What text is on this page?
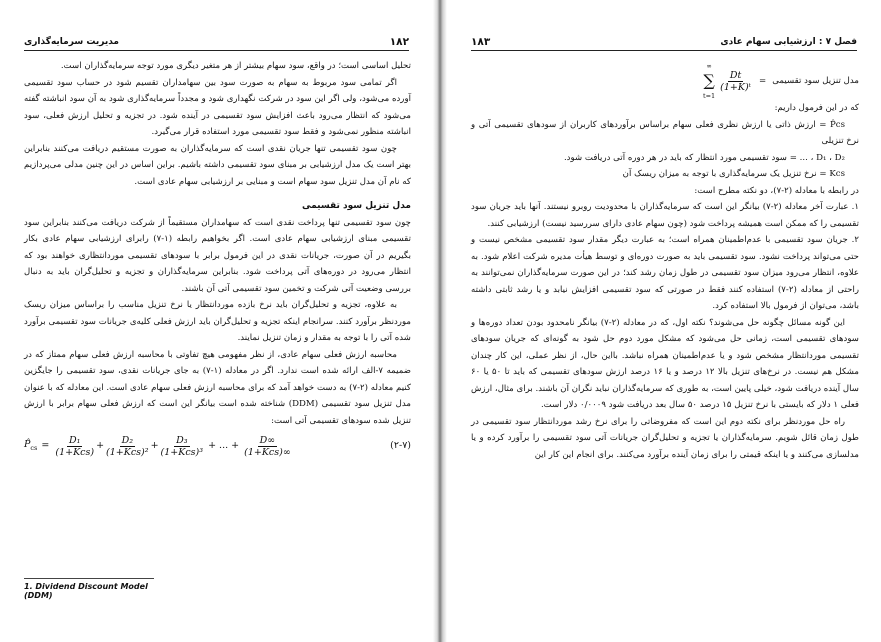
۱۸۲
مدیریت سرمایه‌گذاری

تحلیل اساسی است؛ در واقع، سود سهام بیشتر از هر متغیر دیگری مورد توجه سرمایه‌گذاران است.

اگر تمامی سود مربوط به سهام به صورت سود بین سهامداران تقسیم شود در حساب سود تقسیمی آورده می‌شود، ولی اگر این سود در شرکت نگهداری شود و مجدداً سرمایه‌گذاری شود به آن سود انباشته گفته می‌شود که انتظار می‌رود باعث افزایش سود تقسیمی در آینده شود. در تجزیه و تحلیل ارزش فعلی، سود انباشته منظور نمی‌شود و فقط سود تقسیمی مورد استفاده قرار می‌گیرد.

چون سود تقسیمی تنها جریان نقدی است که سرمایه‌گذاران به صورت مستقیم دریافت می‌کنند بنابراین بهتر است یک مدل ارزشیابی بر مبنای سود تقسیمی داشته باشیم. براین اساس در این چنین مدلی می‌پردازیم که نام آن مدل تنزیل سود سهام است و مبنایی بر ارزشیابی سهام عادی است.

مدل تنزیل سود تقسیمی

چون سود تقسیمی تنها پرداخت نقدی است که سهامداران مستقیماً از شرکت دریافت می‌کنند بنابراین سود تقسیمی مبنای ارزشیابی سهام عادی است. اگر بخواهیم رابطه (۱-۷) رابرای ارزشیابی سهام عادی بکار بگیریم در آن صورت، جریانات نقدی در این فرمول برابر با سودهای تقسیمی موردانتظاری خواهند بود که انتظار می‌رود در دوره‌های آتی پرداخت شود. بنابراین سرمایه‌گذاران و تجزیه و تحلیل‌گران باید به دنبال بررسی وضعیت آتی شرکت و تخمین سود تقسیمی آتی آن باشند.

به علاوه، تجزیه و تحلیل‌گران باید نرخ بازده موردانتظار یا نرخ تنزیل مناسب را براساس میزان ریسک موردنظر برآورد کنند. سرانجام اینکه تجزیه و تحلیل‌گران باید ارزش فعلی کلیه‌ی جریانات سود تقسیمی برآورد شده آتی را با توجه به مقدار و زمان تنزیل نمایند.

محاسبه ارزش فعلی سهام عادی، از نظر مفهومی هیچ تفاوتی با محاسبه ارزش فعلی سهام ممتاز که در ضمیمه ۷-الف ارائه شده است ندارد. اگر در معادله (۱-۷) به جای جریانات نقدی، سود تقسیمی را جایگزین کنیم معادله (۲-۷) به دست خواهد آمد که برای محاسبه ارزش فعلی سهام عادی است. این معادله که با عنوان مدل تنزیل سود تقسیمی (DDM) شناخته شده است بیانگر این است که ارزش فعلی سهام برابر با ارزش تنزیل شده سودهای تقسیمی آتی است:

$P̂_{cs} = \frac{\text{D₁}}{\text{(1+Kcs)}} + \frac{\text{D₂}}{\text{(1+Kcs)²}} + \frac{\text{D₃}}{\text{(1+Kcs)³}}$ + ... + $\frac{D\infty}{\text{(1+Kcs)∞}}$	(۲-۷)
1. Dividend Discount Model (DDM)
فصل ۷ : ارزشیابی سهام عادی
۱۸۳
مدل تنزیل سود تقسیمی
=
∞
∑
t=1
$\frac{Dt}{\text{(1+K)ᵗ}}$

که در این فرمول داریم:

P̂cs = ارزش ذاتی یا ارزش نظری فعلی سهام براساس برآوردهای کاربران از سودهای تقسیمی آتی و نرخ تنزیلی

D₁ ، D₂ ، ... = سود تقسیمی مورد انتظار که باید در هر دوره آتی دریافت شود.

Kcs = نرخ تنزیل یک سرمایه‌گذاری با توجه به میزان ریسک آن

در رابطه با معادله (۲-۷)، دو نکته مطرح است:

۱. عبارت آخر معادله (۲-۷) بیانگر این است که سرمایه‌گذاران با محدودیت روبرو نیستند. آنها باید جریان سود تقسیمی را که ممکن است همیشه پرداخت شود (چون سهام عادی دارای سررسید نیست) ارزشیابی کنند.

۲. جریان سود تقسیمی با عدم‌اطمینان همراه است؛ به عبارت دیگر مقدار سود تقسیمی مشخص نیست و حتی می‌تواند پرداخت نشود. سود تقسیمی باید به صورت دوره‌ای و توسط هیأت مدیره شرکت اعلام شود. به علاوه، انتظار می‌رود میزان سود تقسیمی در طول زمان رشد کند؛ در این صورت سرمایه‌گذاران نمی‌توانند به راحتی از معادله (۲-۷) استفاده کنند فقط در صورتی که سود تقسیمی افزایش نیابد و یا رشد ثابتی داشته باشد، می‌توان از فرمول بالا استفاده کرد.

این گونه مسائل چگونه حل می‌شوند؟ نکته اول، که در معادله (۲-۷) بیانگر نامحدود بودن تعداد دوره‌ها و سودهای تقسیمی است، زمانی حل می‌شود که مشکل مورد دوم حل شود به گونه‌ای که جریان سودهای تقسیمی موردانتظار مشخص شود و یا عدم‌اطمینان همراه نباشد. بااین حال، از نظر عملی، این کار چندان مشکل هم نیست. در نرخ‌های تنزیل بالا ۱۲ درصد و یا ۱۶ درصد ارزش سودهای تقسیمی که باید تا ۵۰ یا ۶۰ سال آینده دریافت شود، خیلی پایین است، به طوری که سرمایه‌گذاران نباید نگران آن باشند. برای مثال، ارزش فعلی ۱ دلار که بایستی با نرخ تنزیل ۱۵ درصد ۵۰ سال بعد دریافت شود ۰/۰۰۰۹ دلار است.

راه حل موردنظر برای نکته دوم این است که مفروضاتی را برای نرخ رشد موردانتظار سود تقسیمی در طول زمان قائل شویم. سرمایه‌گذاران یا تجزیه و تحلیل‌گران جریانات آتی سود تقسیمی را برآورد کرده و یا مدلسازی می‌کنند و یا اینکه قیمتی را برای زمان آینده برآورد می‌کنند. برای انجام این کار این
